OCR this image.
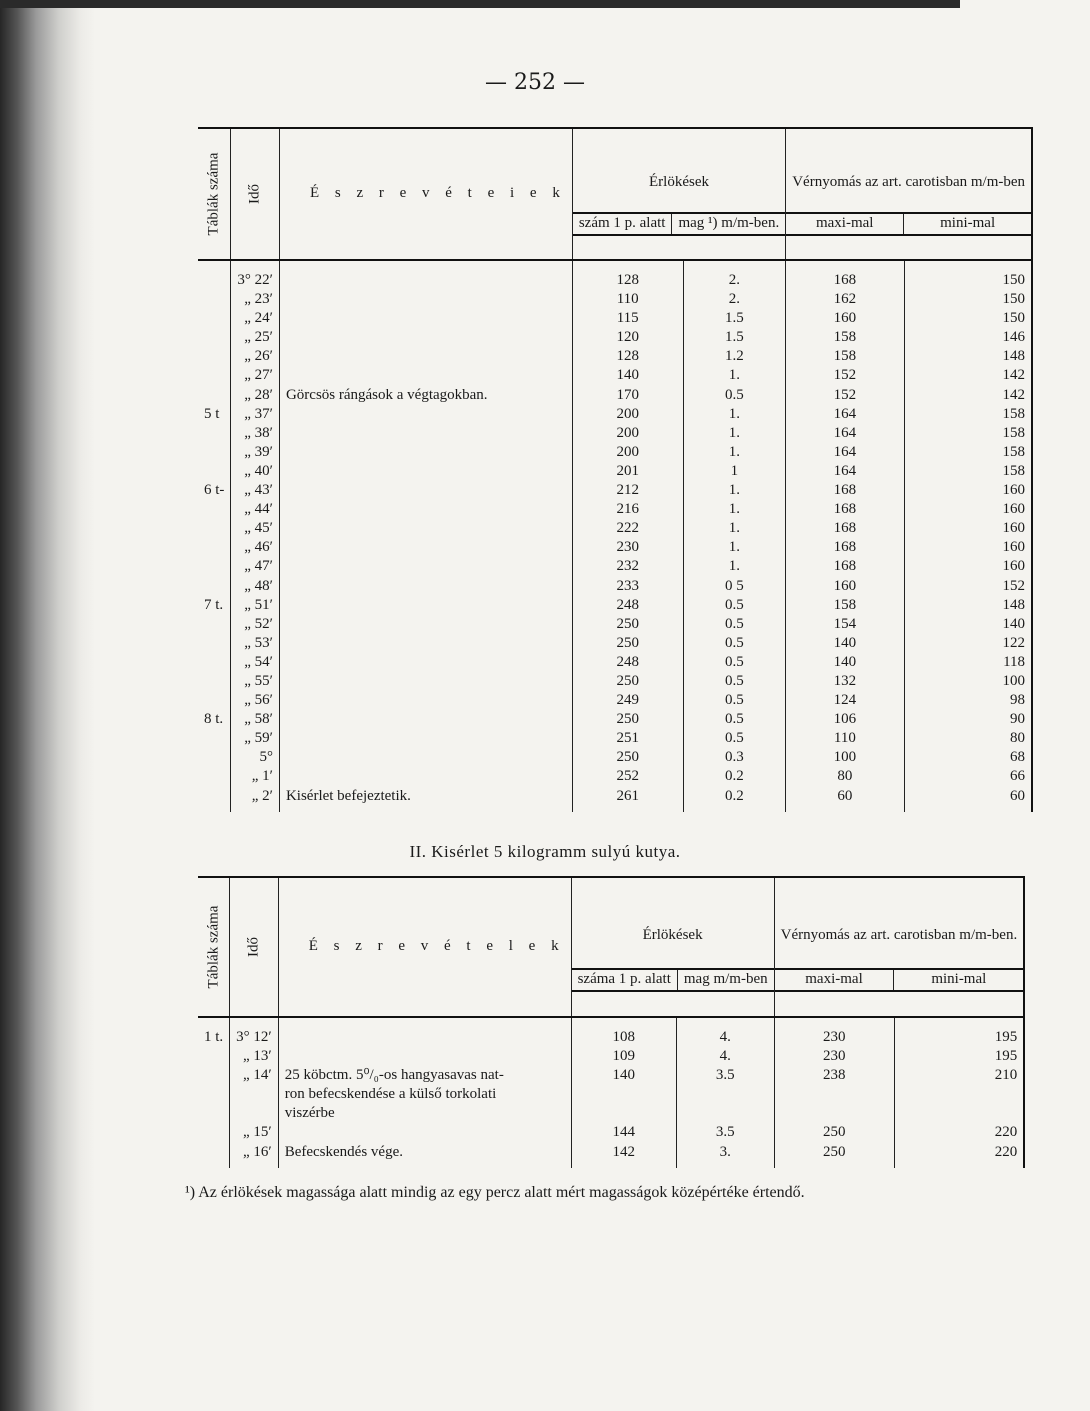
— 252 —
Táblák száma	Idő	É s z r e v é t e i e k	
Érlökések
szám 1 p. alatt	mag ¹) m/m-ben.

Vérnyomás az art. carotisban m/m-ben
maxi-mal	mini-mal

	3° 22′		128	2.	168	150
	„ 23′		110	2.	162	150
	„ 24′		115	1.5	160	150
	„ 25′		120	1.5	158	146
	„ 26′		128	1.2	158	148
	„ 27′		140	1.	152	142
	„ 28′	Görcsös rángások a végtagokban.	170	0.5	152	142
5 t	„ 37′		200	1.	164	158
	„ 38′		200	1.	164	158
	„ 39′		200	1.	164	158
	„ 40′		201	1	164	158
6 t-	„ 43′		212	1.	168	160
	„ 44′		216	1.	168	160
	„ 45′		222	1.	168	160
	„ 46′		230	1.	168	160
	„ 47′		232	1.	168	160
	„ 48′		233	0 5	160	152
7 t.	„ 51′		248	0.5	158	148
	„ 52′		250	0.5	154	140
	„ 53′		250	0.5	140	122
	„ 54′		248	0.5	140	118
	„ 55′		250	0.5	132	100
	„ 56′		249	0.5	124	98
8 t.	„ 58′		250	0.5	106	90
	„ 59′		251	0.5	110	80
	5°		250	0.3	100	68
	„ 1′		252	0.2	80	66
	„ 2′	Kisérlet befejeztetik.	261	0.2	60	60
II. Kisérlet 5 kilogramm sulyú kutya.
Táblák száma	Idő	É s z r e v é t e l e k	
Érlökések
száma 1 p. alatt	mag m/m-ben

Vérnyomás az art. carotisban m/m-ben.
maxi-mal	mini-mal

1 t.	3° 12′		108	4.	230	195
	„ 13′		109	4.	230	195
	„ 14′	25 köbctm. 5⁰/₀-os hangyasavas nat-	140	3.5	238	210
		ron befecskendése a külső torkolati				
		viszérbe				
	„ 15′		144	3.5	250	220
	„ 16′	Befecskendés vége.	142	3.	250	220
¹) Az érlökések magassága alatt mindig az egy percz alatt mért magasságok középértéke értendő.
